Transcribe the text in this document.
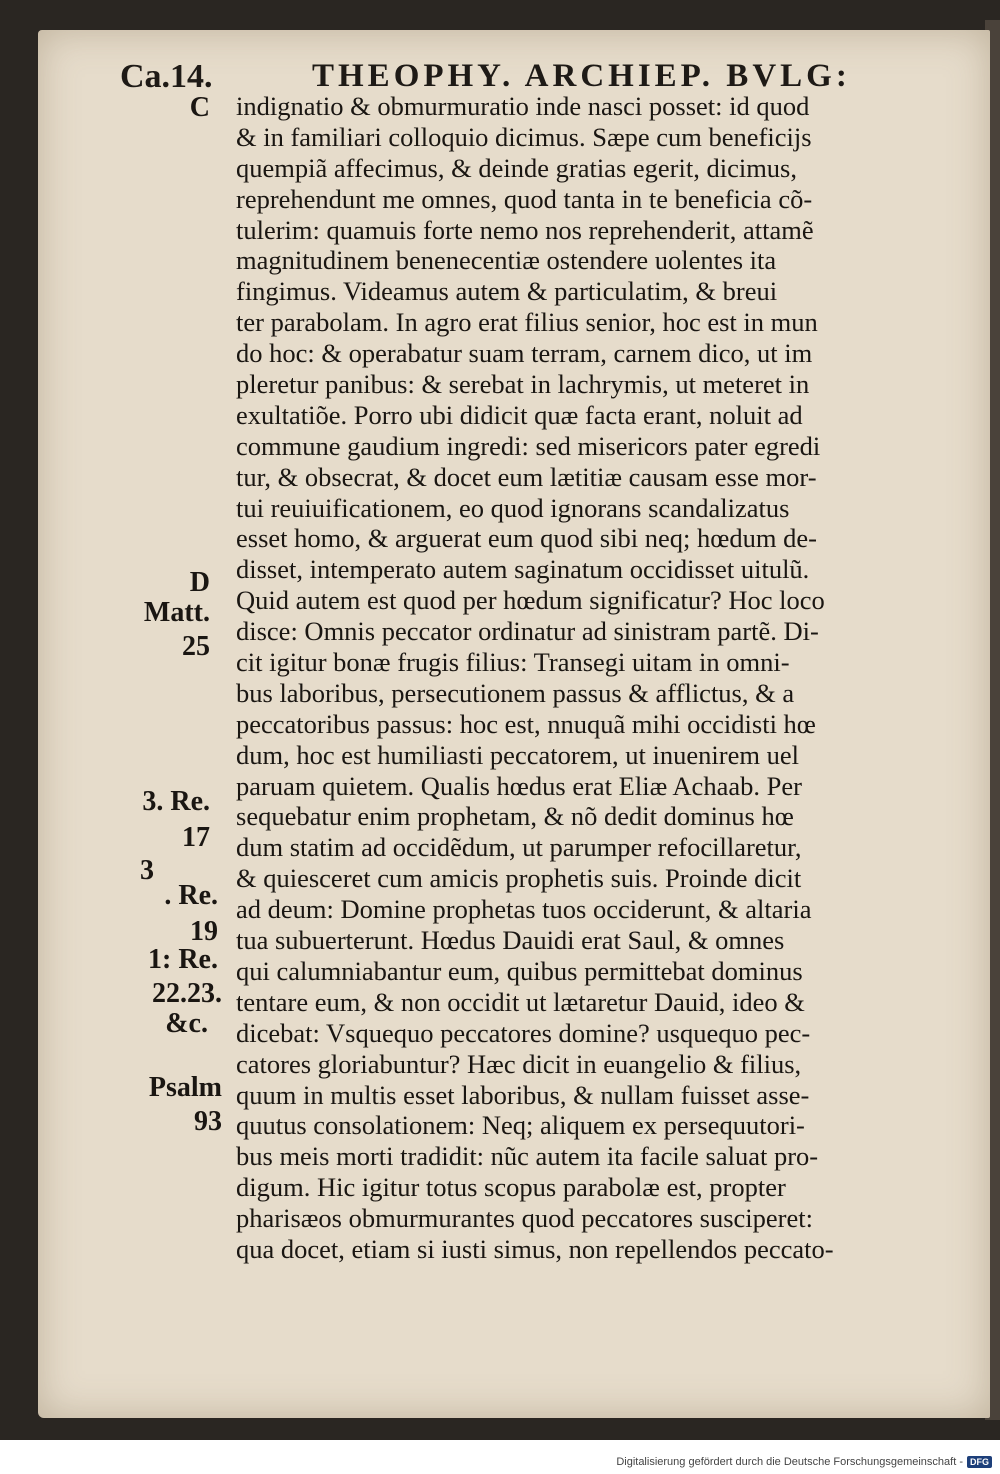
Ca.14.	THEOPHY. ARCHIEP. BVLG:
C
D
Matt.
25
3. Re.
17
3
. Re.
19
1: Re.
22.23.
&c.
Psalm
93
indignatio & obmurmuratio inde nasci posset: id quod
& in familiari colloquio dicimus. Sæpe cum beneficijs
quempiã affecimus, & deinde gratias egerit, dicimus,
reprehendunt me omnes, quod tanta in te beneficia cõ-
tulerim: quamuis forte nemo nos reprehenderit, attamẽ
magnitudinem benenecentiæ ostendere uolentes ita
fingimus. Videamus autem & particulatim, & breui
ter parabolam. In agro erat filius senior, hoc est in mun
do hoc: & operabatur suam terram, carnem dico, ut im
pleretur panibus: & serebat in lachrymis, ut meteret in
exultatiõe. Porro ubi didicit quæ facta erant, noluit ad
commune gaudium ingredi: sed misericors pater egredi
tur, & obsecrat, & docet eum lætitiæ causam esse mor-
tui reuiuificationem, eo quod ignorans scandalizatus
esset homo, & arguerat eum quod sibi neq; hœdum de-
disset, intemperato autem saginatum occidisset uitulũ.
Quid autem est quod per hœdum significatur? Hoc loco
disce: Omnis peccator ordinatur ad sinistram partẽ. Di-
cit igitur bonæ frugis filius: Transegi uitam in omni-
bus laboribus, persecutionem passus & afflictus, & a
peccatoribus passus: hoc est, nnuquã mihi occidisti hœ
dum, hoc est humiliasti peccatorem, ut inuenirem uel
paruam quietem. Qualis hœdus erat Eliæ Achaab. Per
sequebatur enim prophetam, & nõ dedit dominus hœ
dum statim ad occidẽdum, ut parumper refocillaretur,
& quiesceret cum amicis prophetis suis. Proinde dicit
ad deum: Domine prophetas tuos occiderunt, & altaria
tua subuerterunt. Hœdus Dauidi erat Saul, & omnes
qui calumniabantur eum, quibus permittebat dominus
tentare eum, & non occidit ut lætaretur Dauid, ideo &
dicebat: Vsquequo peccatores domine? usquequo pec-
catores gloriabuntur? Hæc dicit in euangelio & filius,
quum in multis esset laboribus, & nullam fuisset asse-
quutus consolationem: Neq; aliquem ex persequutori-
bus meis morti tradidit: nũc autem ita facile saluat pro-
digum. Hic igitur totus scopus parabolæ est, propter
pharisæos obmurmurantes quod peccatores susciperet:
qua docet, etiam si iusti simus, non repellendos peccato-
Digitalisierung gefördert durch die Deutsche Forschungsgemeinschaft - DFG
